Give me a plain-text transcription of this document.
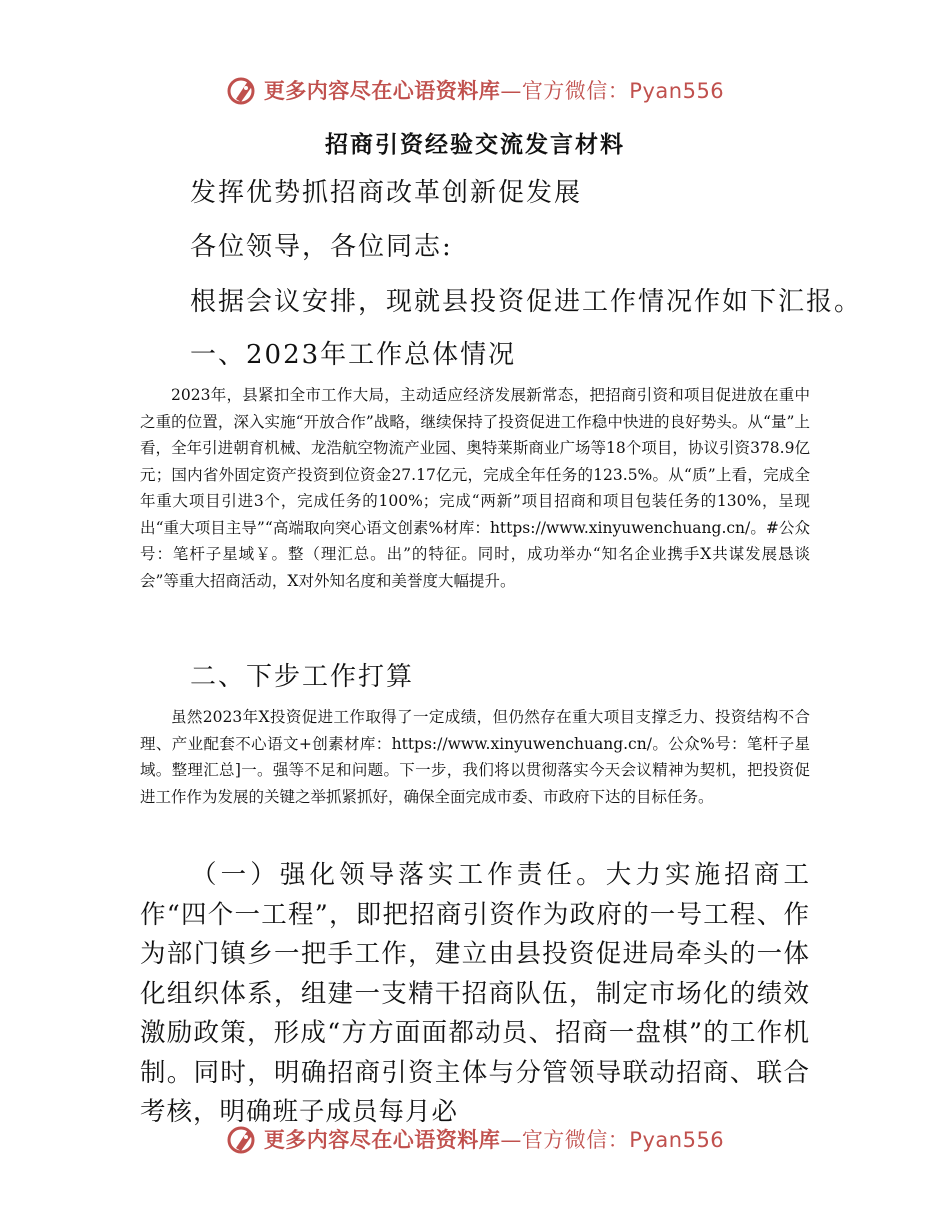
更多内容尽在心语资料库—官方微信：Pyan556
招商引资经验交流发言材料

发挥优势抓招商改革创新促发展

各位领导，各位同志:

根据会议安排，现就县投资促进工作情况作如下汇报。

一、2023年工作总体情况

2023年，县紧扣全市工作大局，主动适应经济发展新常态，把招商引资和项目促进放在重中之重的位置，深入实施“开放合作”战略，继续保持了投资促进工作稳中快进的良好势头。从“量”上看，全年引进朝育机械、龙浩航空物流产业园、奥特莱斯商业广场等18个项目，协议引资378.9亿元；国内省外固定资产投资到位资金27.17亿元，完成全年任务的123.5%。从“质”上看，完成全年重大项目引进3个，完成任务的100%；完成“两新”项目招商和项目包装任务的130%，呈现出“重大项目主导”“高端取向突心语文创素%材库：https://www.xinyuwenchuang.cn/。#公众号：笔杆子星域￥。整（理汇总。出”的特征。同时，成功举办“知名企业携手X共谋发展恳谈会”等重大招商活动，X对外知名度和美誉度大幅提升。

二、下步工作打算

虽然2023年X投资促进工作取得了一定成绩，但仍然存在重大项目支撑乏力、投资结构不合理、产业配套不心语文+创素材库：https://www.xinyuwenchuang.cn/。公众%号：笔杆子星域。整理汇总]一。强等不足和问题。下一步，我们将以贯彻落实今天会议精神为契机，把投资促进工作作为发展的关键之举抓紧抓好，确保全面完成市委、市政府下达的目标任务。

（一）强化领导落实工作责任。大力实施招商工作“四个一工程”，即把招商引资作为政府的一号工程、作为部门镇乡一把手工作，建立由县投资促进局牵头的一体化组织体系，组建一支精干招商队伍，制定市场化的绩效激励政策，形成“方方面面都动员、招商一盘棋”的工作机制。同时，明确招商引资主体与分管领导联动招商、联合考核，明确班子成员每月必

更多内容尽在心语资料库—官方微信：Pyan556
